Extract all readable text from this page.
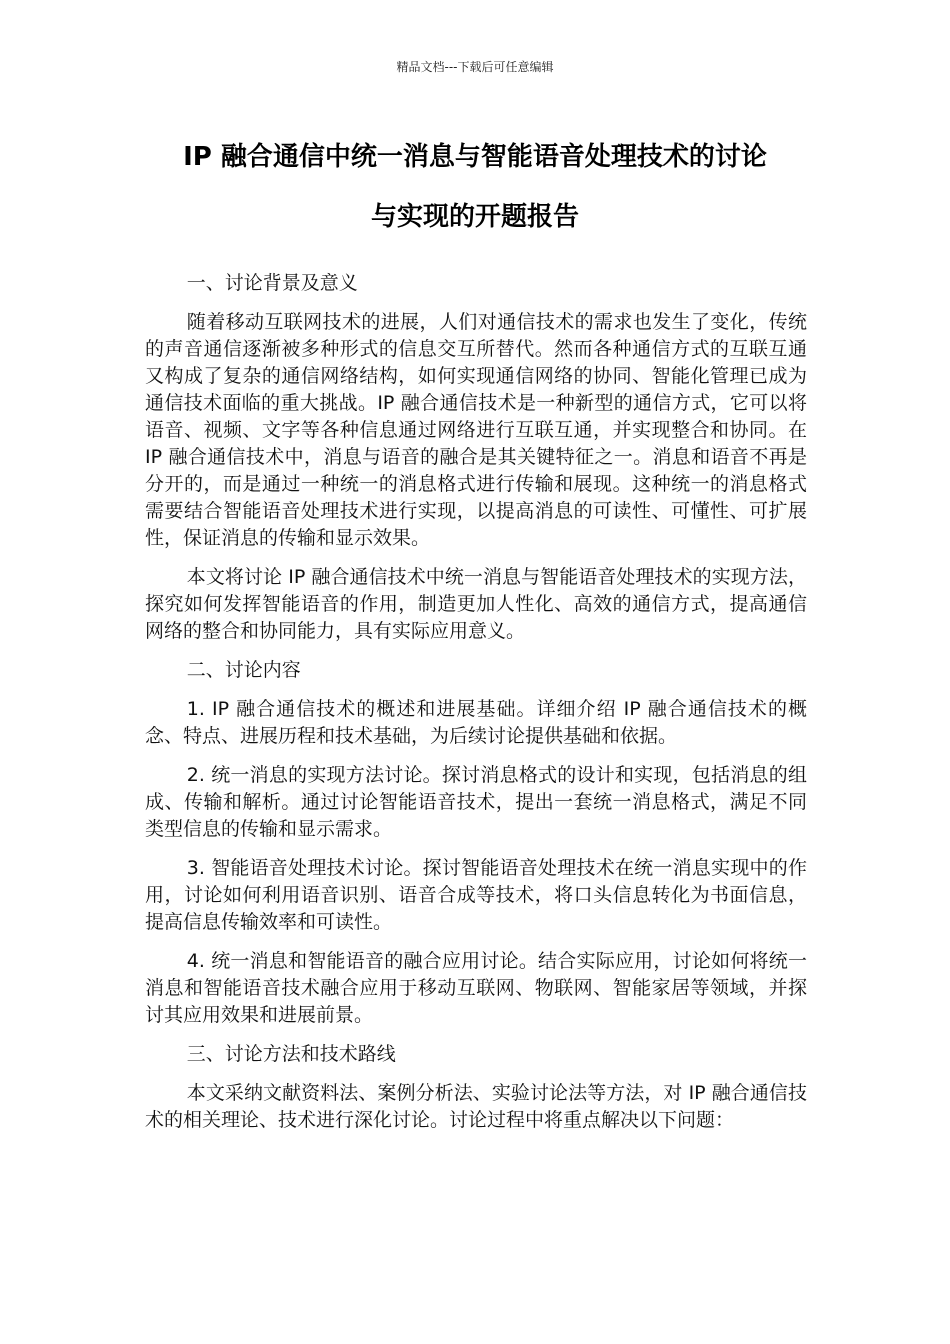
精品文档---下载后可任意编辑
IP 融合通信中统一消息与智能语音处理技术的讨论
与实现的开题报告

一、讨论背景及意义

随着移动互联网技术的进展，人们对通信技术的需求也发生了变化，传统的声音通信逐渐被多种形式的信息交互所替代。然而各种通信方式的互联互通又构成了复杂的通信网络结构，如何实现通信网络的协同、智能化管理已成为通信技术面临的重大挑战。IP 融合通信技术是一种新型的通信方式，它可以将语音、视频、文字等各种信息通过网络进行互联互通，并实现整合和协同。在 IP 融合通信技术中，消息与语音的融合是其关键特征之一。消息和语音不再是分开的，而是通过一种统一的消息格式进行传输和展现。这种统一的消息格式需要结合智能语音处理技术进行实现，以提高消息的可读性、可懂性、可扩展性，保证消息的传输和显示效果。

本文将讨论 IP 融合通信技术中统一消息与智能语音处理技术的实现方法，探究如何发挥智能语音的作用，制造更加人性化、高效的通信方式，提高通信网络的整合和协同能力，具有实际应用意义。

二、讨论内容

1. IP 融合通信技术的概述和进展基础。详细介绍 IP 融合通信技术的概念、特点、进展历程和技术基础，为后续讨论提供基础和依据。

2. 统一消息的实现方法讨论。探讨消息格式的设计和实现，包括消息的组成、传输和解析。通过讨论智能语音技术，提出一套统一消息格式，满足不同类型信息的传输和显示需求。

3. 智能语音处理技术讨论。探讨智能语音处理技术在统一消息实现中的作用，讨论如何利用语音识别、语音合成等技术，将口头信息转化为书面信息，提高信息传输效率和可读性。

4. 统一消息和智能语音的融合应用讨论。结合实际应用，讨论如何将统一消息和智能语音技术融合应用于移动互联网、物联网、智能家居等领域，并探讨其应用效果和进展前景。

三、讨论方法和技术路线

本文采纳文献资料法、案例分析法、实验讨论法等方法，对 IP 融合通信技术的相关理论、技术进行深化讨论。讨论过程中将重点解决以下问题：
